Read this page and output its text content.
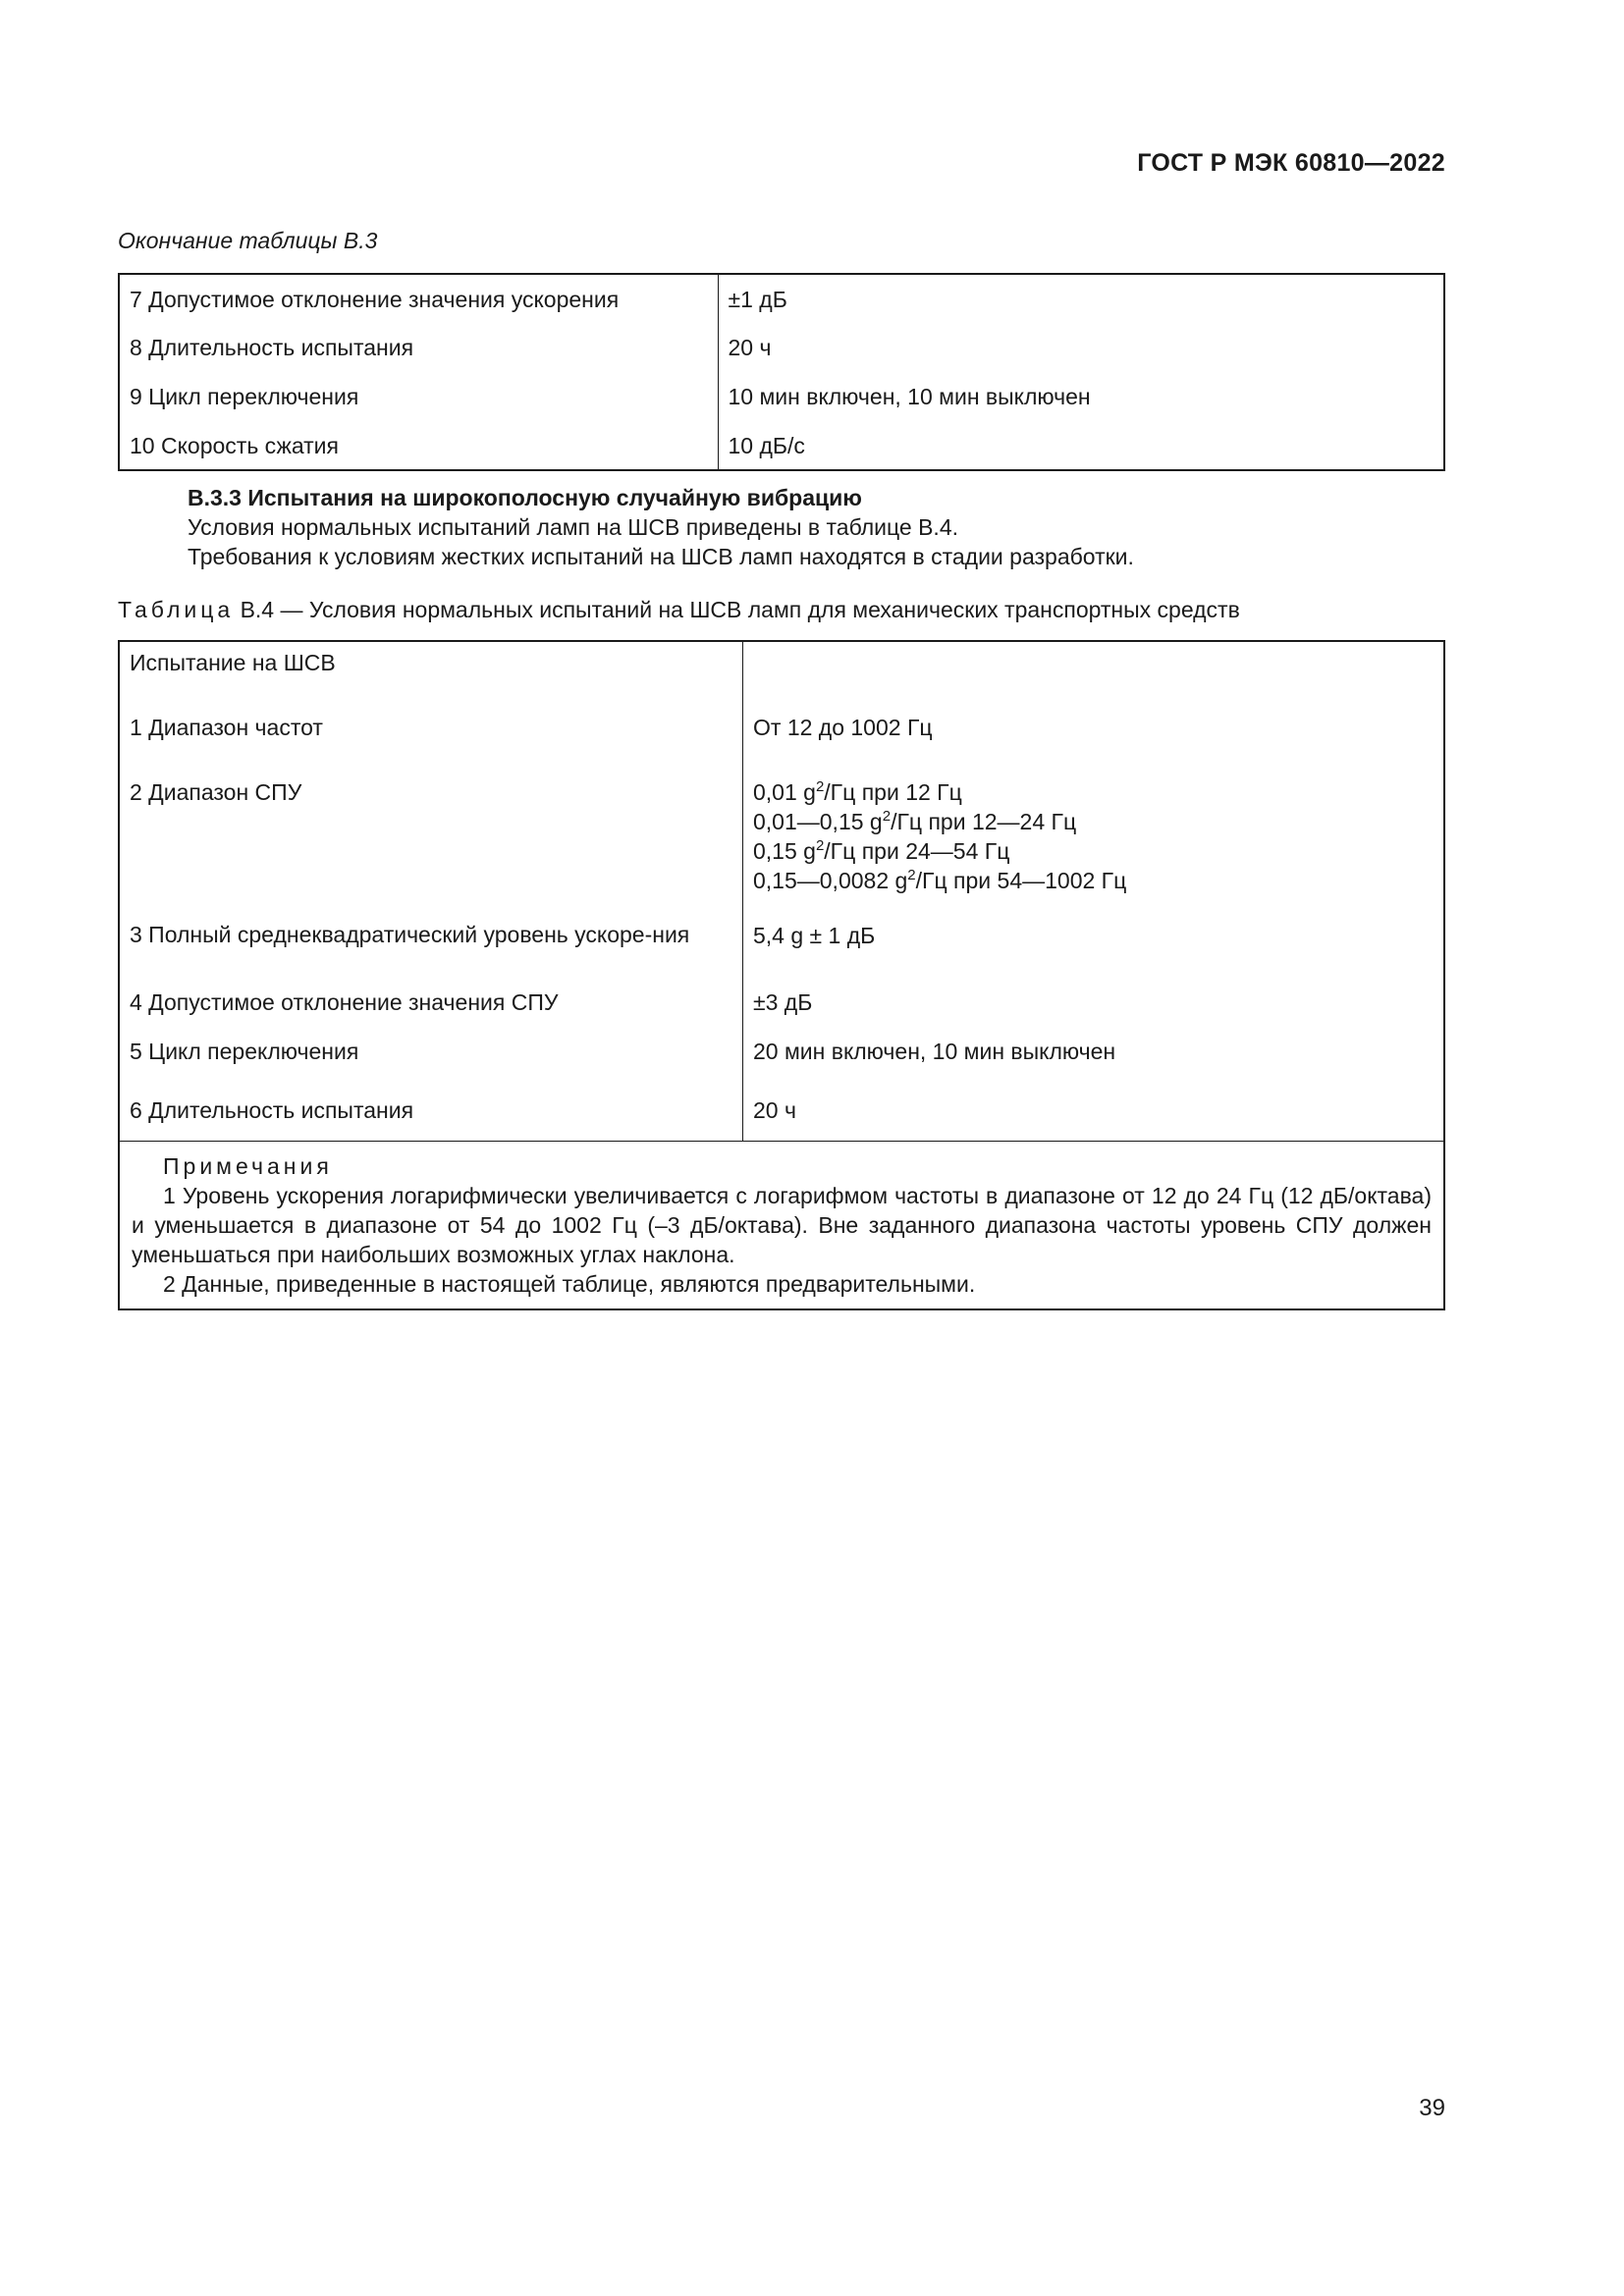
ГОСТ Р МЭК 60810—2022
Окончание таблицы В.3
7 Допустимое отклонение значения ускорения	±1 дБ
8 Длительность испытания	20 ч
9 Цикл переключения	10 мин включен, 10 мин выключен
10 Скорость сжатия	10 дБ/с
В.3.3 Испытания на широкополосную случайную вибрацию
Условия нормальных испытаний ламп на ШСВ приведены в таблице В.4.
Требования к условиям жестких испытаний на ШСВ ламп находятся в стадии разработки.
Таблица В.4 — Условия нормальных испытаний на ШСВ ламп для механических транспортных средств
Испытание на ШСВ	
1 Диапазон частот	От 12 до 1002 Гц
2 Диапазон СПУ	0,01 $g^2/Гц$ при 12 Гц
0,01—0,15 $g^2/Гц$ при 12—24 Гц
0,15 $g^2/Гц$ при 24—54 Гц
0,15—0,0082 $g^2/Гц$ при 54—1002 Гц

3 Полный среднеквадратический уровень ускоре-ния	5,4 g ± 1 дБ
4 Допустимое отклонение значения СПУ	±3 дБ
5 Цикл переключения	20 мин включен, 10 мин выключен
6 Длительность испытания	20 ч

Примечания
1 Уровень ускорения логарифмически увеличивается с логарифмом частоты в диапазоне от 12 до 24 Гц (12 дБ/октава) и уменьшается в диапазоне от 54 до 1002 Гц (–3 дБ/октава). Вне заданного диапазона частоты уровень СПУ должен уменьшаться при наибольших возможных углах наклона.
2 Данные, приведенные в настоящей таблице, являются предварительными.	
39
